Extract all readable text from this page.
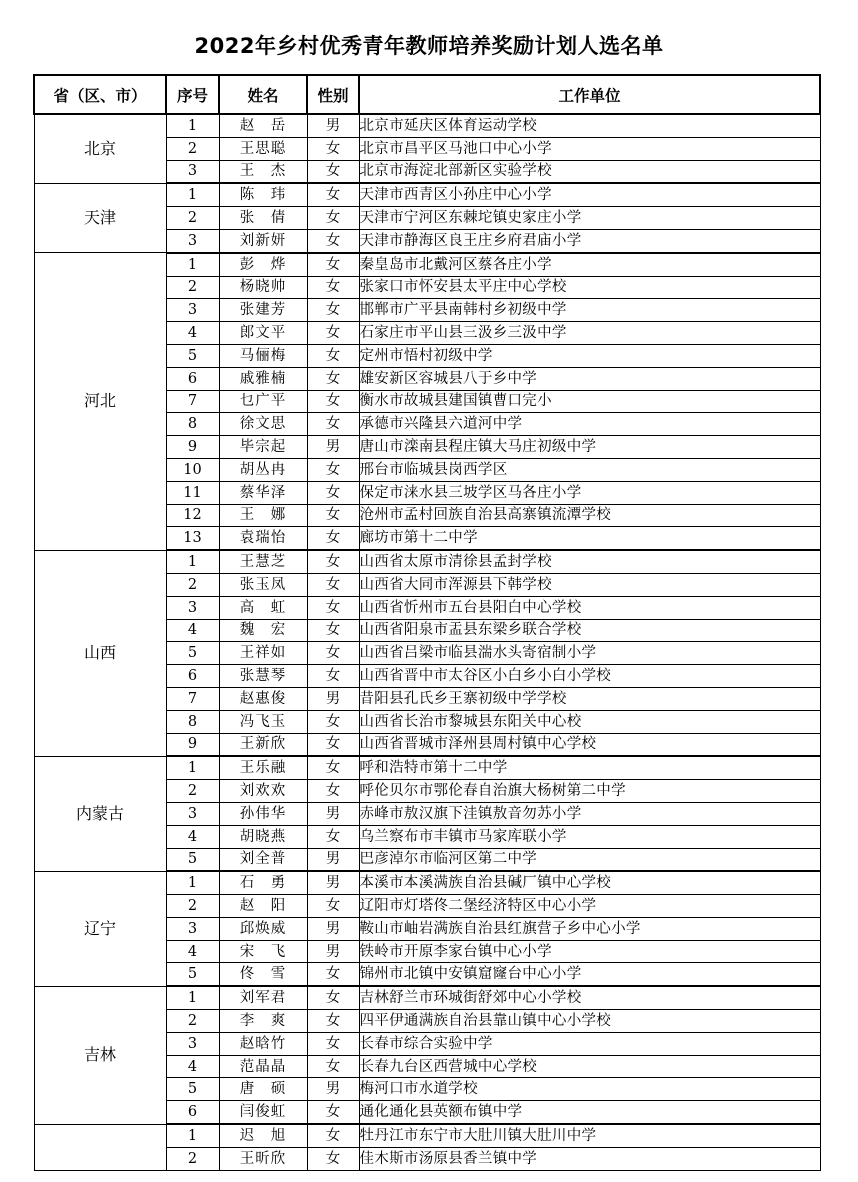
2022年乡村优秀青年教师培养奖励计划人选名单
省（区、市）	序号	姓名	性别	工作单位
北京	1	赵　岳	男	北京市延庆区体育运动学校
	2	王思聪	女	北京市昌平区马池口中心小学
	3	王　杰	女	北京市海淀北部新区实验学校
天津	1	陈　玮	女	天津市西青区小孙庄中心小学
	2	张　倩	女	天津市宁河区东棘坨镇史家庄小学
	3	刘新妍	女	天津市静海区良王庄乡府君庙小学
河北	1	彭　烨	女	秦皇岛市北戴河区蔡各庄小学
	2	杨晓帅	女	张家口市怀安县太平庄中心学校
	3	张建芳	女	邯郸市广平县南韩村乡初级中学
	4	郎文平	女	石家庄市平山县三汲乡三汲中学
	5	马俪梅	女	定州市悟村初级中学
	6	戚雅楠	女	雄安新区容城县八于乡中学
	7	乜广平	女	衡水市故城县建国镇曹口完小
	8	徐文思	女	承德市兴隆县六道河中学
	9	毕宗起	男	唐山市滦南县程庄镇大马庄初级中学
	10	胡丛冉	女	邢台市临城县岗西学区
	11	蔡华泽	女	保定市涞水县三坡学区马各庄小学
	12	王　娜	女	沧州市孟村回族自治县高寨镇流潭学校
	13	袁瑞怡	女	廊坊市第十二中学
山西	1	王慧芝	女	山西省太原市清徐县孟封学校
	2	张玉凤	女	山西省大同市浑源县下韩学校
	3	高　虹	女	山西省忻州市五台县阳白中心学校
	4	魏　宏	女	山西省阳泉市盂县东梁乡联合学校
	5	王祥如	女	山西省吕梁市临县湍水头寄宿制小学
	6	张慧琴	女	山西省晋中市太谷区小白乡小白小学校
	7	赵惠俊	男	昔阳县孔氏乡王寨初级中学学校
	8	冯飞玉	女	山西省长治市黎城县东阳关中心校
	9	王新欣	女	山西省晋城市泽州县周村镇中心学校
内蒙古	1	王乐融	女	呼和浩特市第十二中学
	2	刘欢欢	女	呼伦贝尔市鄂伦春自治旗大杨树第二中学
	3	孙伟华	男	赤峰市敖汉旗下洼镇敖音勿苏小学
	4	胡晓燕	女	乌兰察布市丰镇市马家库联小学
	5	刘全普	男	巴彦淖尔市临河区第二中学
辽宁	1	石　勇	男	本溪市本溪满族自治县碱厂镇中心学校
	2	赵　阳	女	辽阳市灯塔佟二堡经济特区中心小学
	3	邱焕威	男	鞍山市岫岩满族自治县红旗营子乡中心小学
	4	宋　飞	男	铁岭市开原李家台镇中心小学
	5	佟　雪	女	锦州市北镇中安镇窟窿台中心小学
吉林	1	刘军君	女	吉林舒兰市环城街舒郊中心小学校
	2	李　爽	女	四平伊通满族自治县靠山镇中心小学校
	3	赵晗竹	女	长春市综合实验中学
	4	范晶晶	女	长春九台区西营城中心学校
	5	唐　硕	男	梅河口市水道学校
	6	闫俊虹	女	通化通化县英额布镇中学
	1	迟　旭	女	牡丹江市东宁市大肚川镇大肚川中学
	2	王昕欣	女	佳木斯市汤原县香兰镇中学
